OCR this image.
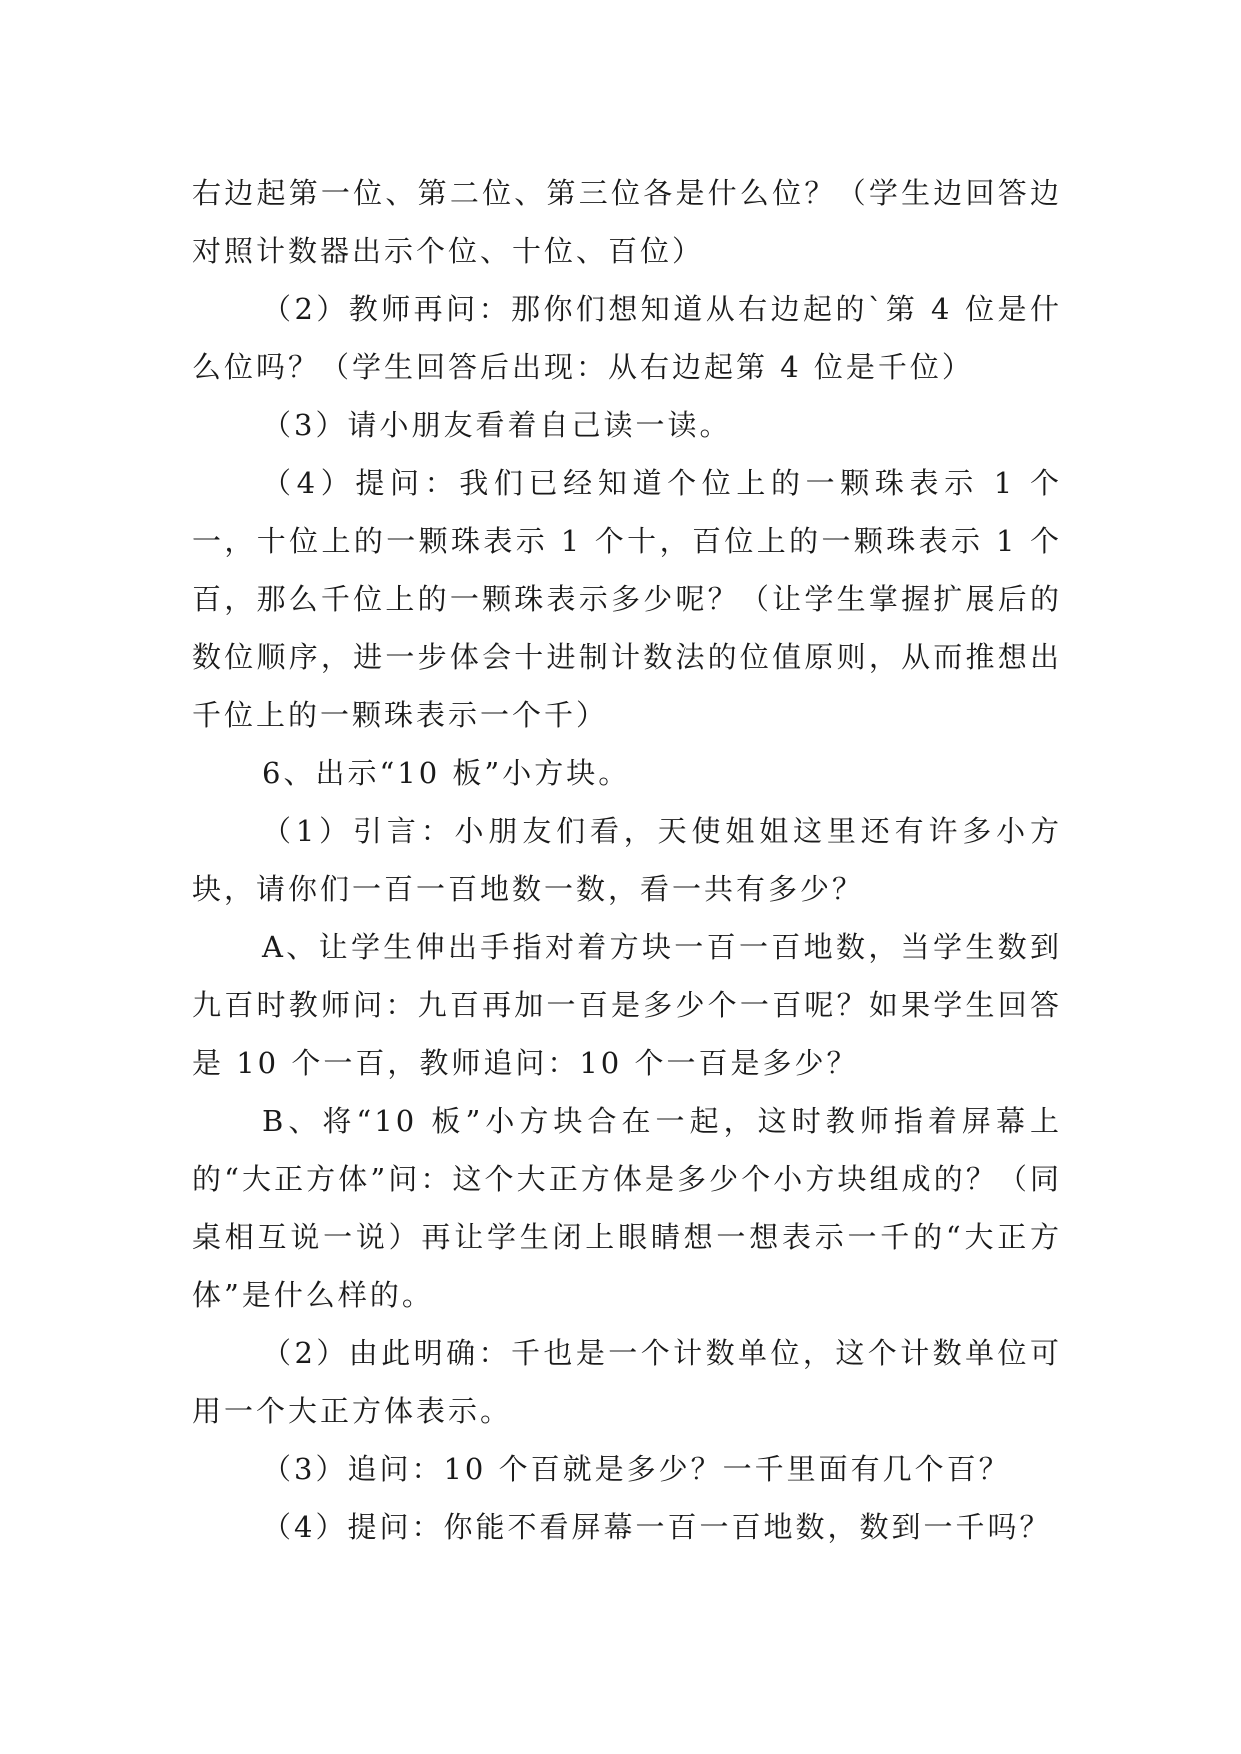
右边起第一位、第二位、第三位各是什么位？（学生边回答边对照计数器出示个位、十位、百位）

（2）教师再问：那你们想知道从右边起的`第 4 位是什么位吗？（学生回答后出现：从右边起第 4 位是千位）

（3）请小朋友看着自己读一读。

（4）提问：我们已经知道个位上的一颗珠表示 1 个一，十位上的一颗珠表示 1 个十，百位上的一颗珠表示 1 个百，那么千位上的一颗珠表示多少呢？（让学生掌握扩展后的数位顺序，进一步体会十进制计数法的位值原则，从而推想出千位上的一颗珠表示一个千）

6、出示“10 板”小方块。

（1）引言：小朋友们看，天使姐姐这里还有许多小方块，请你们一百一百地数一数，看一共有多少？

A、让学生伸出手指对着方块一百一百地数，当学生数到九百时教师问：九百再加一百是多少个一百呢？如果学生回答是 10 个一百，教师追问：10 个一百是多少？

B、将“10 板”小方块合在一起，这时教师指着屏幕上的“大正方体”问：这个大正方体是多少个小方块组成的？（同桌相互说一说）再让学生闭上眼睛想一想表示一千的“大正方体”是什么样的。

（2）由此明确：千也是一个计数单位，这个计数单位可用一个大正方体表示。

（3）追问：10 个百就是多少？一千里面有几个百？

（4）提问：你能不看屏幕一百一百地数，数到一千吗？
